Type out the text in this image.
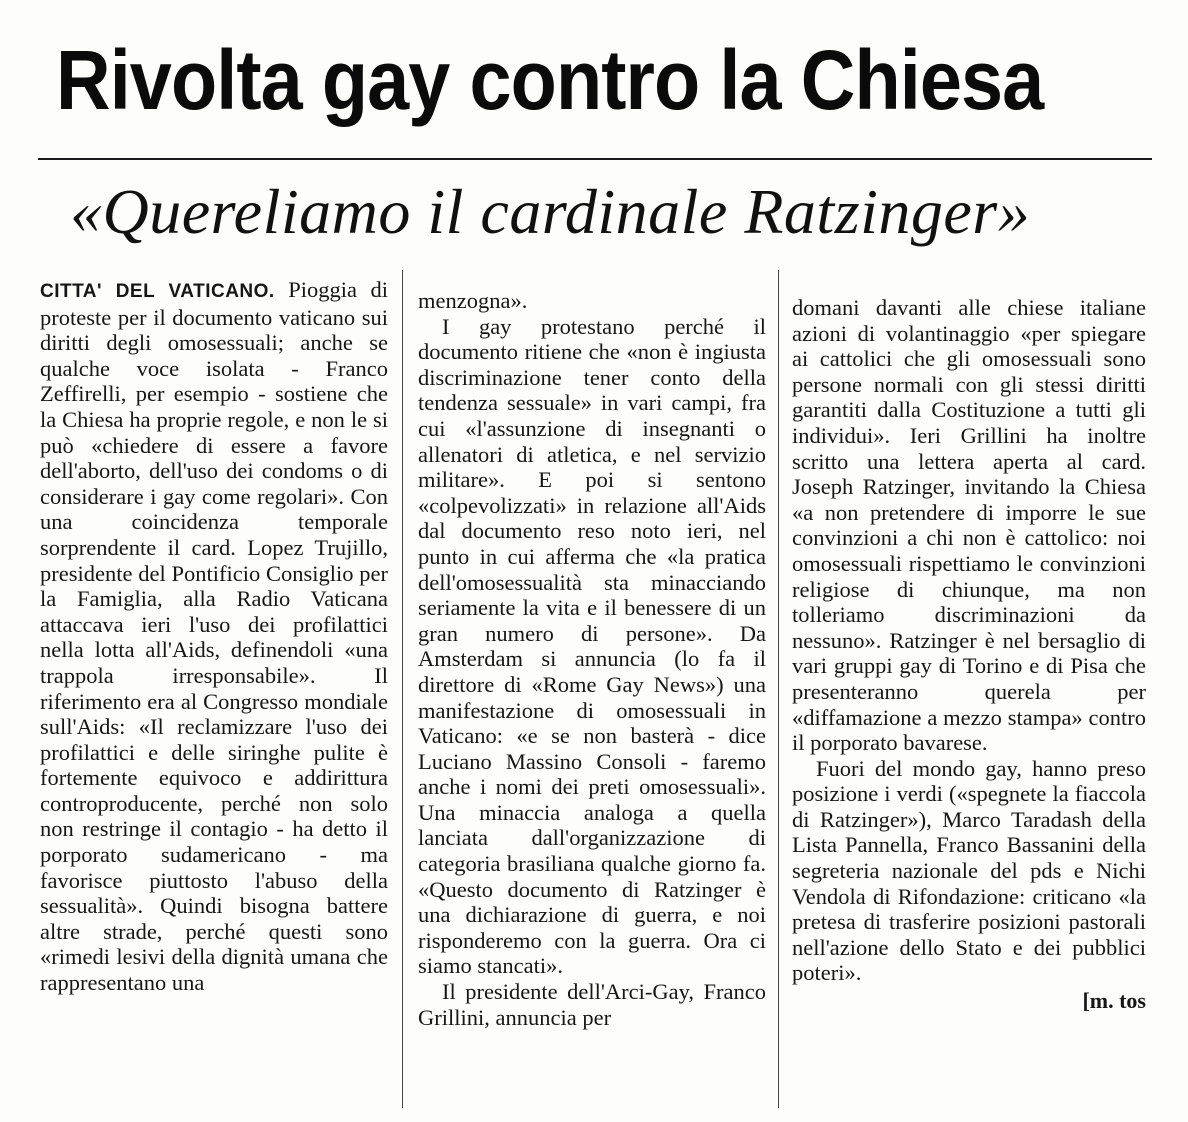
Rivolta gay contro la Chiesa
«Quereliamo il cardinale Ratzinger»

CITTA' DEL VATICANO. Pioggia di proteste per il documento vaticano sui diritti degli omosessuali; anche se qualche voce isolata - Franco Zeffirelli, per esempio - sostiene che la Chiesa ha proprie regole, e non le si può «chiedere di essere a favore dell'aborto, dell'uso dei condoms o di considerare i gay come regolari». Con una coincidenza temporale sorprendente il card. Lopez Trujillo, presidente del Pontificio Consiglio per la Famiglia, alla Radio Vaticana attaccava ieri l'uso dei profilattici nella lotta all'Aids, definendoli «una trappola irresponsabile». Il riferimento era al Congresso mondiale sull'Aids: «Il reclamizzare l'uso dei profilattici e delle siringhe pulite è fortemente equivoco e addirittura controproducente, perché non solo non restringe il contagio - ha detto il porporato sudamericano - ma favorisce piuttosto l'abuso della sessualità». Quindi bisogna battere altre strade, perché questi sono «rimedi lesivi della dignità umana che rappresentano una

menzogna».

I gay protestano perché il documento ritiene che «non è ingiusta discriminazione tener conto della tendenza sessuale» in vari campi, fra cui «l'assunzione di insegnanti o allenatori di atletica, e nel servizio militare». E poi si sentono «colpevolizzati» in relazione all'Aids dal documento reso noto ieri, nel punto in cui afferma che «la pratica dell'omosessualità sta minacciando seriamente la vita e il benessere di un gran numero di persone». Da Amsterdam si annuncia (lo fa il direttore di «Rome Gay News») una manifestazione di omosessuali in Vaticano: «e se non basterà - dice Luciano Massino Consoli - faremo anche i nomi dei preti omosessuali». Una minaccia analoga a quella lanciata dall'organizzazione di categoria brasiliana qualche giorno fa. «Questo documento di Ratzinger è una dichiarazione di guerra, e noi risponderemo con la guerra. Ora ci siamo stancati».

Il presidente dell'Arci-Gay, Franco Grillini, annuncia per

domani davanti alle chiese italiane azioni di volantinaggio «per spiegare ai cattolici che gli omosessuali sono persone normali con gli stessi diritti garantiti dalla Costituzione a tutti gli individui». Ieri Grillini ha inoltre scritto una lettera aperta al card. Joseph Ratzinger, invitando la Chiesa «a non pretendere di imporre le sue convinzioni a chi non è cattolico: noi omosessuali rispettiamo le convinzioni religiose di chiunque, ma non tolleriamo discriminazioni da nessuno». Ratzinger è nel bersaglio di vari gruppi gay di Torino e di Pisa che presenteranno querela per «diffamazione a mezzo stampa» contro il porporato bavarese.

Fuori del mondo gay, hanno preso posizione i verdi («spegnete la fiaccola di Ratzinger»), Marco Taradash della Lista Pannella, Franco Bassanini della segreteria nazionale del pds e Nichi Vendola di Rifondazione: criticano «la pretesa di trasferire posizioni pastorali nell'azione dello Stato e dei pubblici poteri».

[m. tos
